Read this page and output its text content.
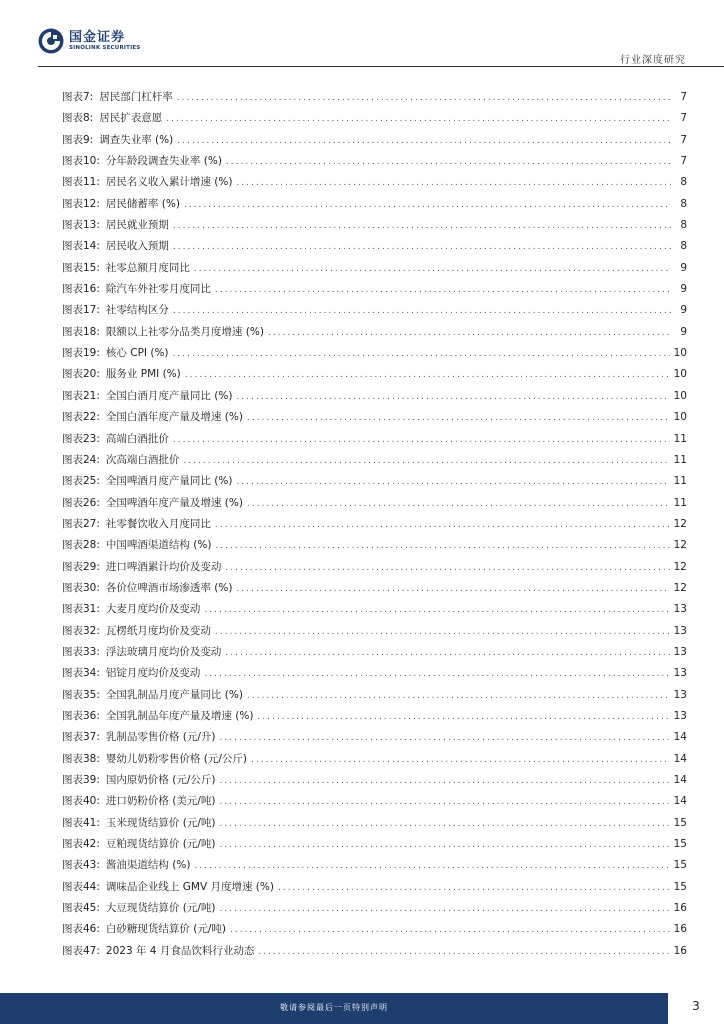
国金证券
SINOLINK SECURITIES
行业深度研究
图表7: 居民部门杠杆率 .....	7
图表8: 居民扩表意愿 .....	7
图表9: 调查失业率 (%) .....	7
图表10: 分年龄段调查失业率 (%) .....	7
图表11: 居民名义收入累计增速 (%) .....	8
图表12: 居民储蓄率 (%) .....	8
图表13: 居民就业预期 .....	8
图表14: 居民收入预期 .....	8
图表15: 社零总额月度同比 .....	9
图表16: 除汽车外社零月度同比 .....	9
图表17: 社零结构区分 .....	9
图表18: 限额以上社零分品类月度增速 (%) .....	9
图表19: 核心 CPI (%) .....	10
图表20: 服务业 PMI (%) .....	10
图表21: 全国白酒月度产量同比 (%) .....	10
图表22: 全国白酒年度产量及增速 (%) .....	10
图表23: 高端白酒批价 .....	11
图表24: 次高端白酒批价 .....	11
图表25: 全国啤酒月度产量同比 (%) .....	11
图表26: 全国啤酒年度产量及增速 (%) .....	11
图表27: 社零餐饮收入月度同比 .....	12
图表28: 中国啤酒渠道结构 (%) .....	12
图表29: 进口啤酒累计均价及变动 .....	12
图表30: 各价位啤酒市场渗透率 (%) .....	12
图表31: 大麦月度均价及变动 .....	13
图表32: 瓦楞纸月度均价及变动 .....	13
图表33: 浮法玻璃月度均价及变动 .....	13
图表34: 铝锭月度均价及变动 .....	13
图表35: 全国乳制品月度产量同比 (%) .....	13
图表36: 全国乳制品年度产量及增速 (%) .....	13
图表37: 乳制品零售价格 (元/升) .....	14
图表38: 婴幼儿奶粉零售价格 (元/公斤) .....	14
图表39: 国内原奶价格 (元/公斤) .....	14
图表40: 进口奶粉价格 (美元/吨) .....	14
图表41: 玉米现货结算价 (元/吨) .....	15
图表42: 豆粕现货结算价 (元/吨) .....	15
图表43: 酱油渠道结构 (%) .....	15
图表44: 调味品企业线上 GMV 月度增速 (%) .....	15
图表45: 大豆现货结算价 (元/吨) .....	16
图表46: 白砂糖现货结算价 (元/吨) .....	16
图表47: 2023 年 4 月食品饮料行业动态 .....	16
敬请参阅最后一页特别声明	3
